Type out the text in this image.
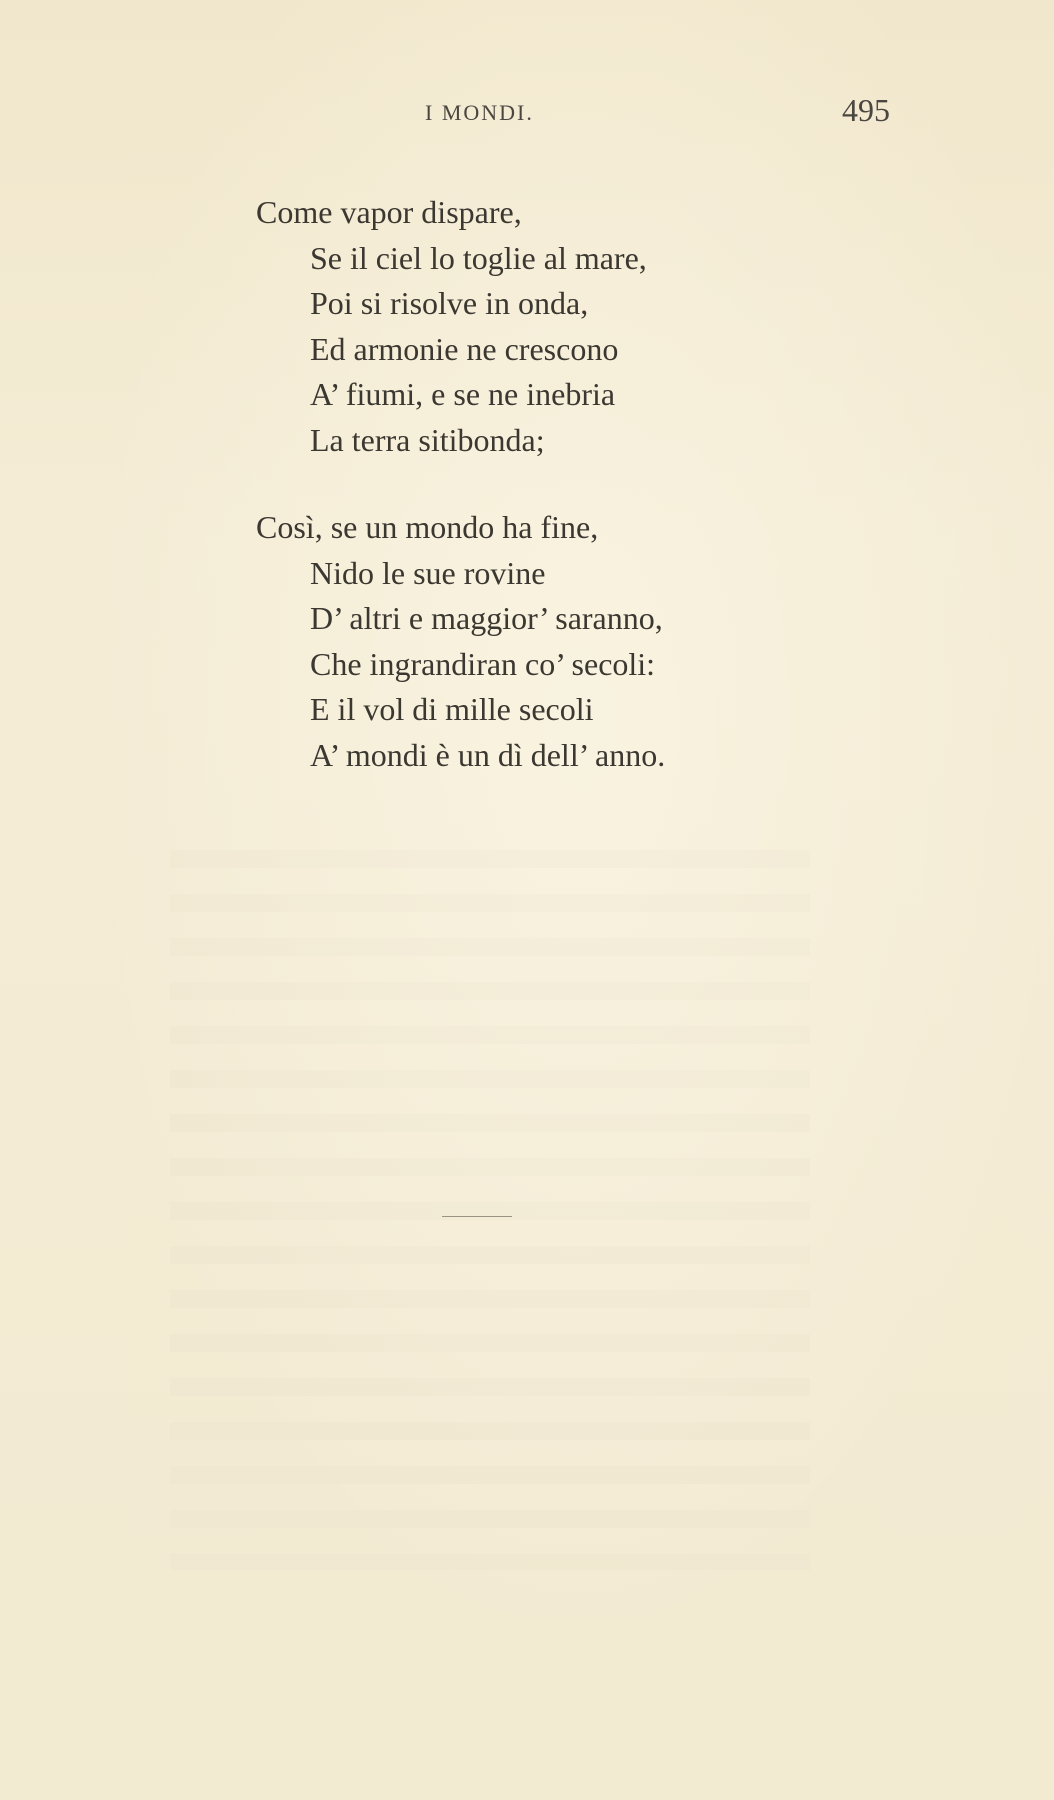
I MONDI.	495
Come vapor dispare,
Se il ciel lo toglie al mare,
Poi si risolve in onda,
Ed armonie ne crescono
A’ fiumi, e se ne inebria
La terra sitibonda;
Così, se un mondo ha fine,
Nido le sue rovine
D’ altri e maggior’ saranno,
Che ingrandiran co’ secoli:
E il vol di mille secoli
A’ mondi è un dì dell’ anno.
